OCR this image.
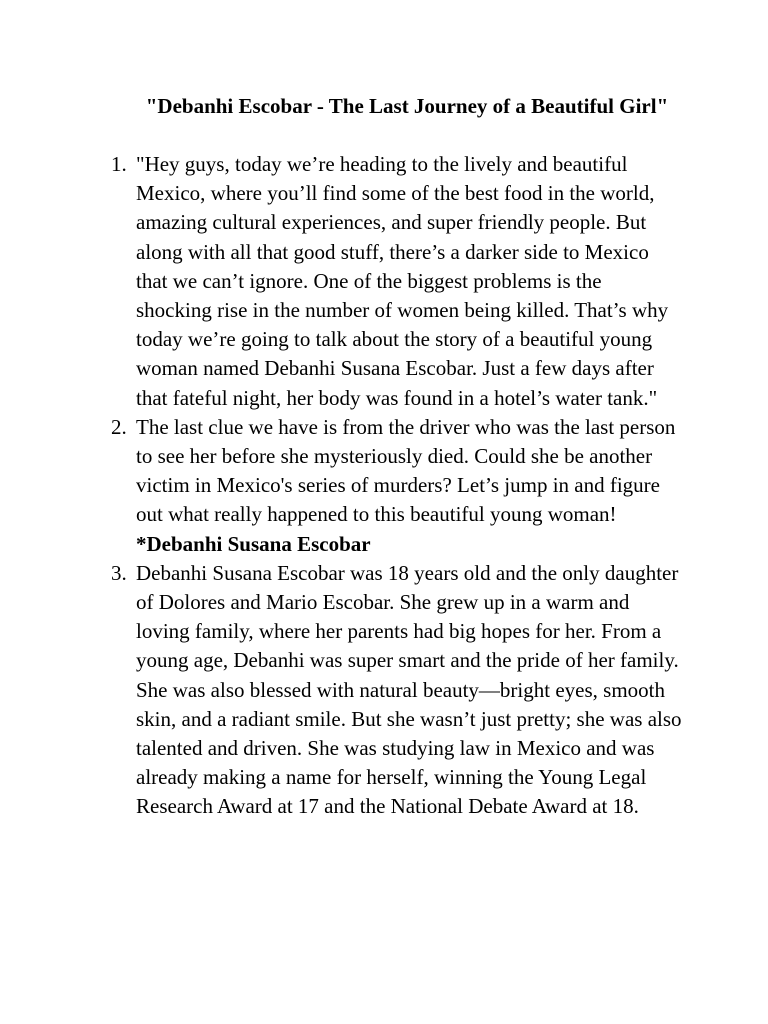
"Debanhi Escobar - The Last Journey of a Beautiful Girl"
1. "Hey guys, today we’re heading to the lively and beautiful Mexico, where you’ll find some of the best food in the world, amazing cultural experiences, and super friendly people. But along with all that good stuff, there’s a darker side to Mexico that we can’t ignore. One of the biggest problems is the shocking rise in the number of women being killed. That’s why today we’re going to talk about the story of a beautiful young woman named Debanhi Susana Escobar. Just a few days after that fateful night, her body was found in a hotel’s water tank."
2. The last clue we have is from the driver who was the last person to see her before she mysteriously died. Could she be another victim in Mexico's series of murders? Let’s jump in and figure out what really happened to this beautiful young woman!
*Debanhi Susana Escobar
3. Debanhi Susana Escobar was 18 years old and the only daughter of Dolores and Mario Escobar. She grew up in a warm and loving family, where her parents had big hopes for her. From a young age, Debanhi was super smart and the pride of her family. She was also blessed with natural beauty—bright eyes, smooth skin, and a radiant smile. But she wasn’t just pretty; she was also talented and driven. She was studying law in Mexico and was already making a name for herself, winning the Young Legal Research Award at 17 and the National Debate Award at 18.
